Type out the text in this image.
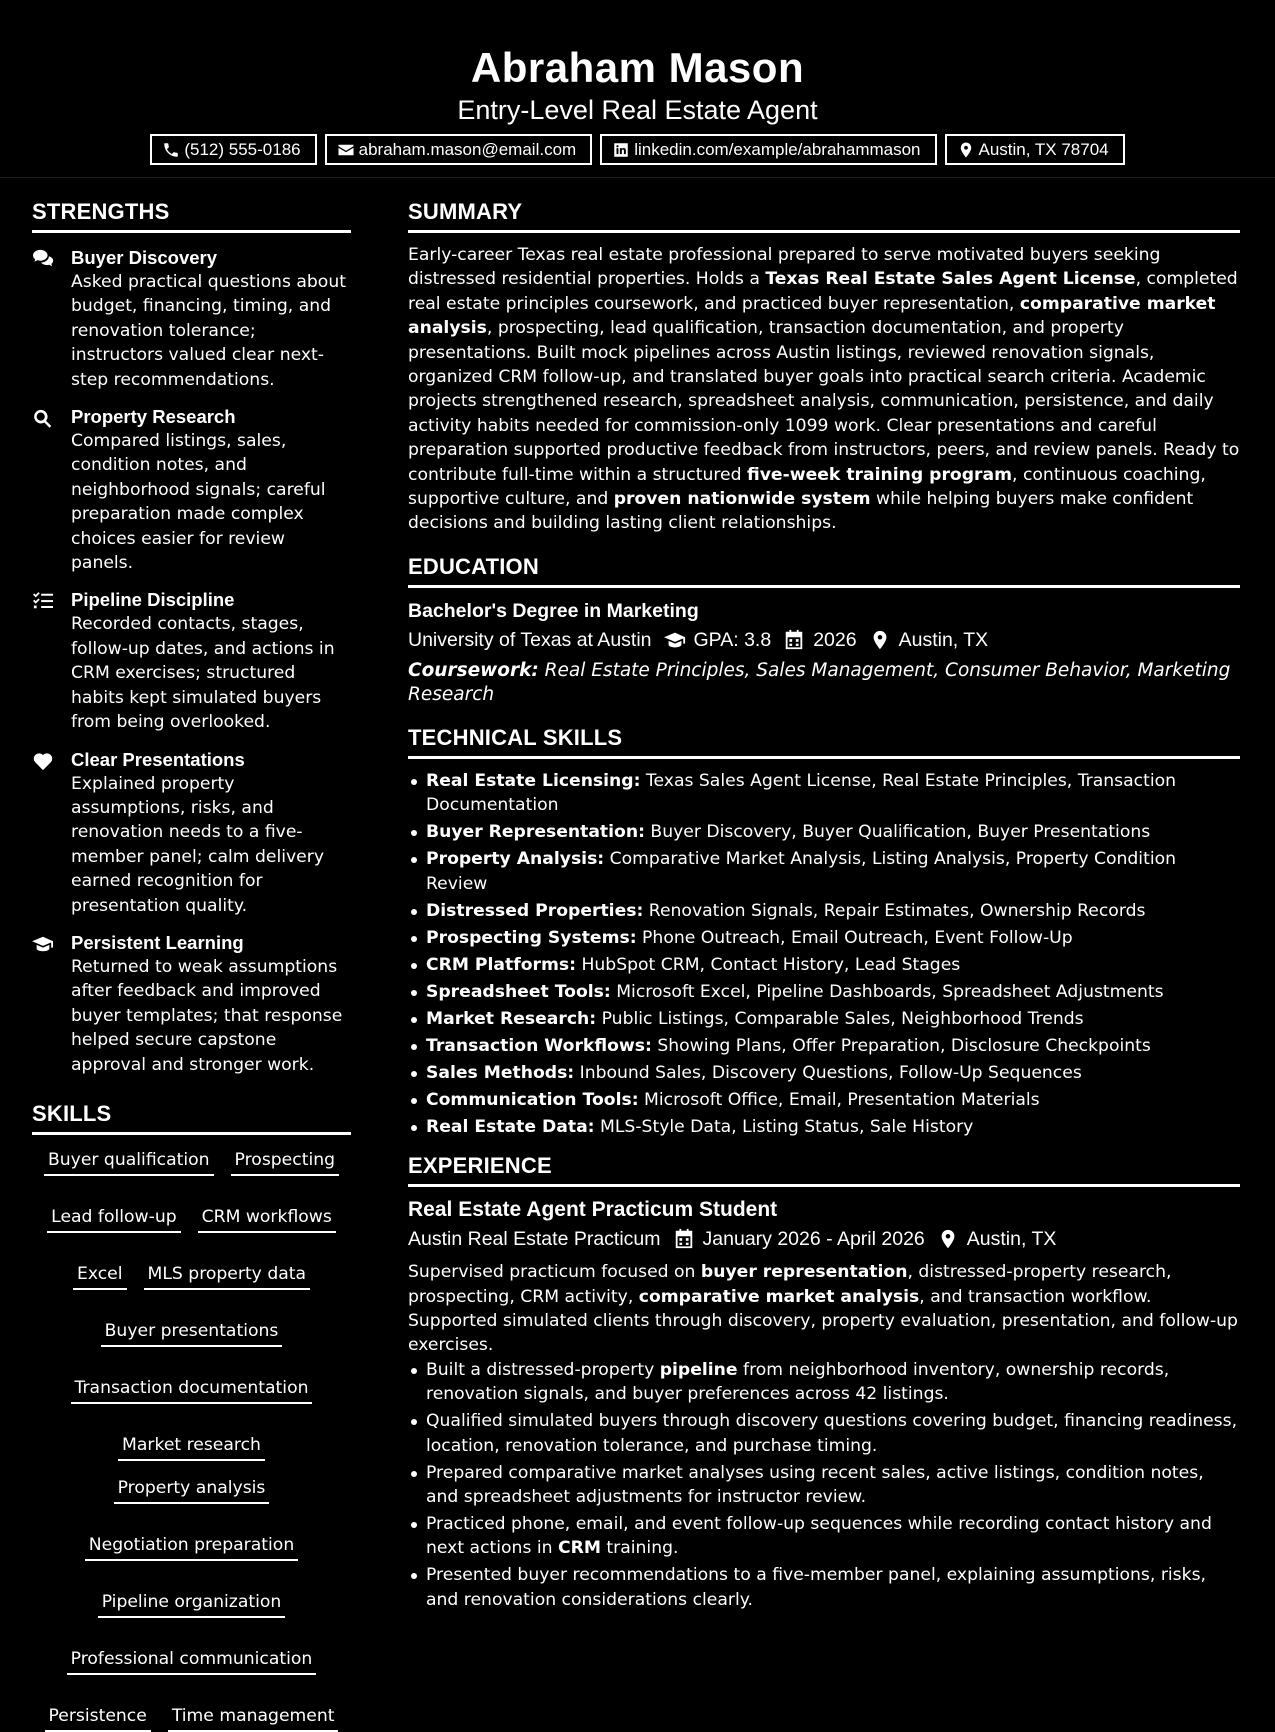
Abraham Mason
Entry-Level Real Estate Agent
(512) 555-0186	abraham.mason@email.com	linkedin.com/example/abrahammason	Austin, TX 78704
STRENGTHS
Buyer Discovery

Asked practical questions about budget, financing, timing, and renovation tolerance; instructors valued clear next-step recommendations.

Property Research

Compared listings, sales, condition notes, and neighborhood signals; careful preparation made complex choices easier for review panels.

Pipeline Discipline

Recorded contacts, stages, follow-up dates, and actions in CRM exercises; structured habits kept simulated buyers from being overlooked.

Clear Presentations

Explained property assumptions, risks, and renovation needs to a five-member panel; calm delivery earned recognition for presentation quality.

Persistent Learning

Returned to weak assumptions after feedback and improved buyer templates; that response helped secure capstone approval and stronger work.

SKILLS
Buyer qualification Prospecting
Lead follow-up CRM workflows
Excel MLS property data
Buyer presentations
Transaction documentation
Market research
Property analysis
Negotiation preparation
Pipeline organization
Professional communication
Persistence Time management
SUMMARY

Early-career Texas real estate professional prepared to serve motivated buyers seeking distressed residential properties. Holds a Texas Real Estate Sales Agent License, completed real estate principles coursework, and practiced buyer representation, comparative market analysis, prospecting, lead qualification, transaction documentation, and property presentations. Built mock pipelines across Austin listings, reviewed renovation signals, organized CRM follow-up, and translated buyer goals into practical search criteria. Academic projects strengthened research, spreadsheet analysis, communication, persistence, and daily activity habits needed for commission-only 1099 work. Clear presentations and careful preparation supported productive feedback from instructors, peers, and review panels. Ready to contribute full-time within a structured five-week training program, continuous coaching, supportive culture, and proven nationwide system while helping buyers make confident decisions and building lasting client relationships.

EDUCATION
Bachelor's Degree in Marketing
University of Texas at Austin GPA: 3.8 2026 Austin, TX
Coursework: Real Estate Principles, Sales Management, Consumer Behavior, Marketing Research
TECHNICAL SKILLS
Real Estate Licensing: Texas Sales Agent License, Real Estate Principles, Transaction Documentation
Buyer Representation: Buyer Discovery, Buyer Qualification, Buyer Presentations
Property Analysis: Comparative Market Analysis, Listing Analysis, Property Condition Review
Distressed Properties: Renovation Signals, Repair Estimates, Ownership Records
Prospecting Systems: Phone Outreach, Email Outreach, Event Follow-Up
CRM Platforms: HubSpot CRM, Contact History, Lead Stages
Spreadsheet Tools: Microsoft Excel, Pipeline Dashboards, Spreadsheet Adjustments
Market Research: Public Listings, Comparable Sales, Neighborhood Trends
Transaction Workflows: Showing Plans, Offer Preparation, Disclosure Checkpoints
Sales Methods: Inbound Sales, Discovery Questions, Follow-Up Sequences
Communication Tools: Microsoft Office, Email, Presentation Materials
Real Estate Data: MLS-Style Data, Listing Status, Sale History
EXPERIENCE
Real Estate Agent Practicum Student
Austin Real Estate Practicum January 2026 - April 2026 Austin, TX

Supervised practicum focused on buyer representation, distressed-property research, prospecting, CRM activity, comparative market analysis, and transaction workflow. Supported simulated clients through discovery, property evaluation, presentation, and follow-up exercises.

Built a distressed-property pipeline from neighborhood inventory, ownership records, renovation signals, and buyer preferences across 42 listings.
Qualified simulated buyers through discovery questions covering budget, financing readiness, location, renovation tolerance, and purchase timing.
Prepared comparative market analyses using recent sales, active listings, condition notes, and spreadsheet adjustments for instructor review.
Practiced phone, email, and event follow-up sequences while recording contact history and next actions in CRM training.
Presented buyer recommendations to a five-member panel, explaining assumptions, risks, and renovation considerations clearly.
